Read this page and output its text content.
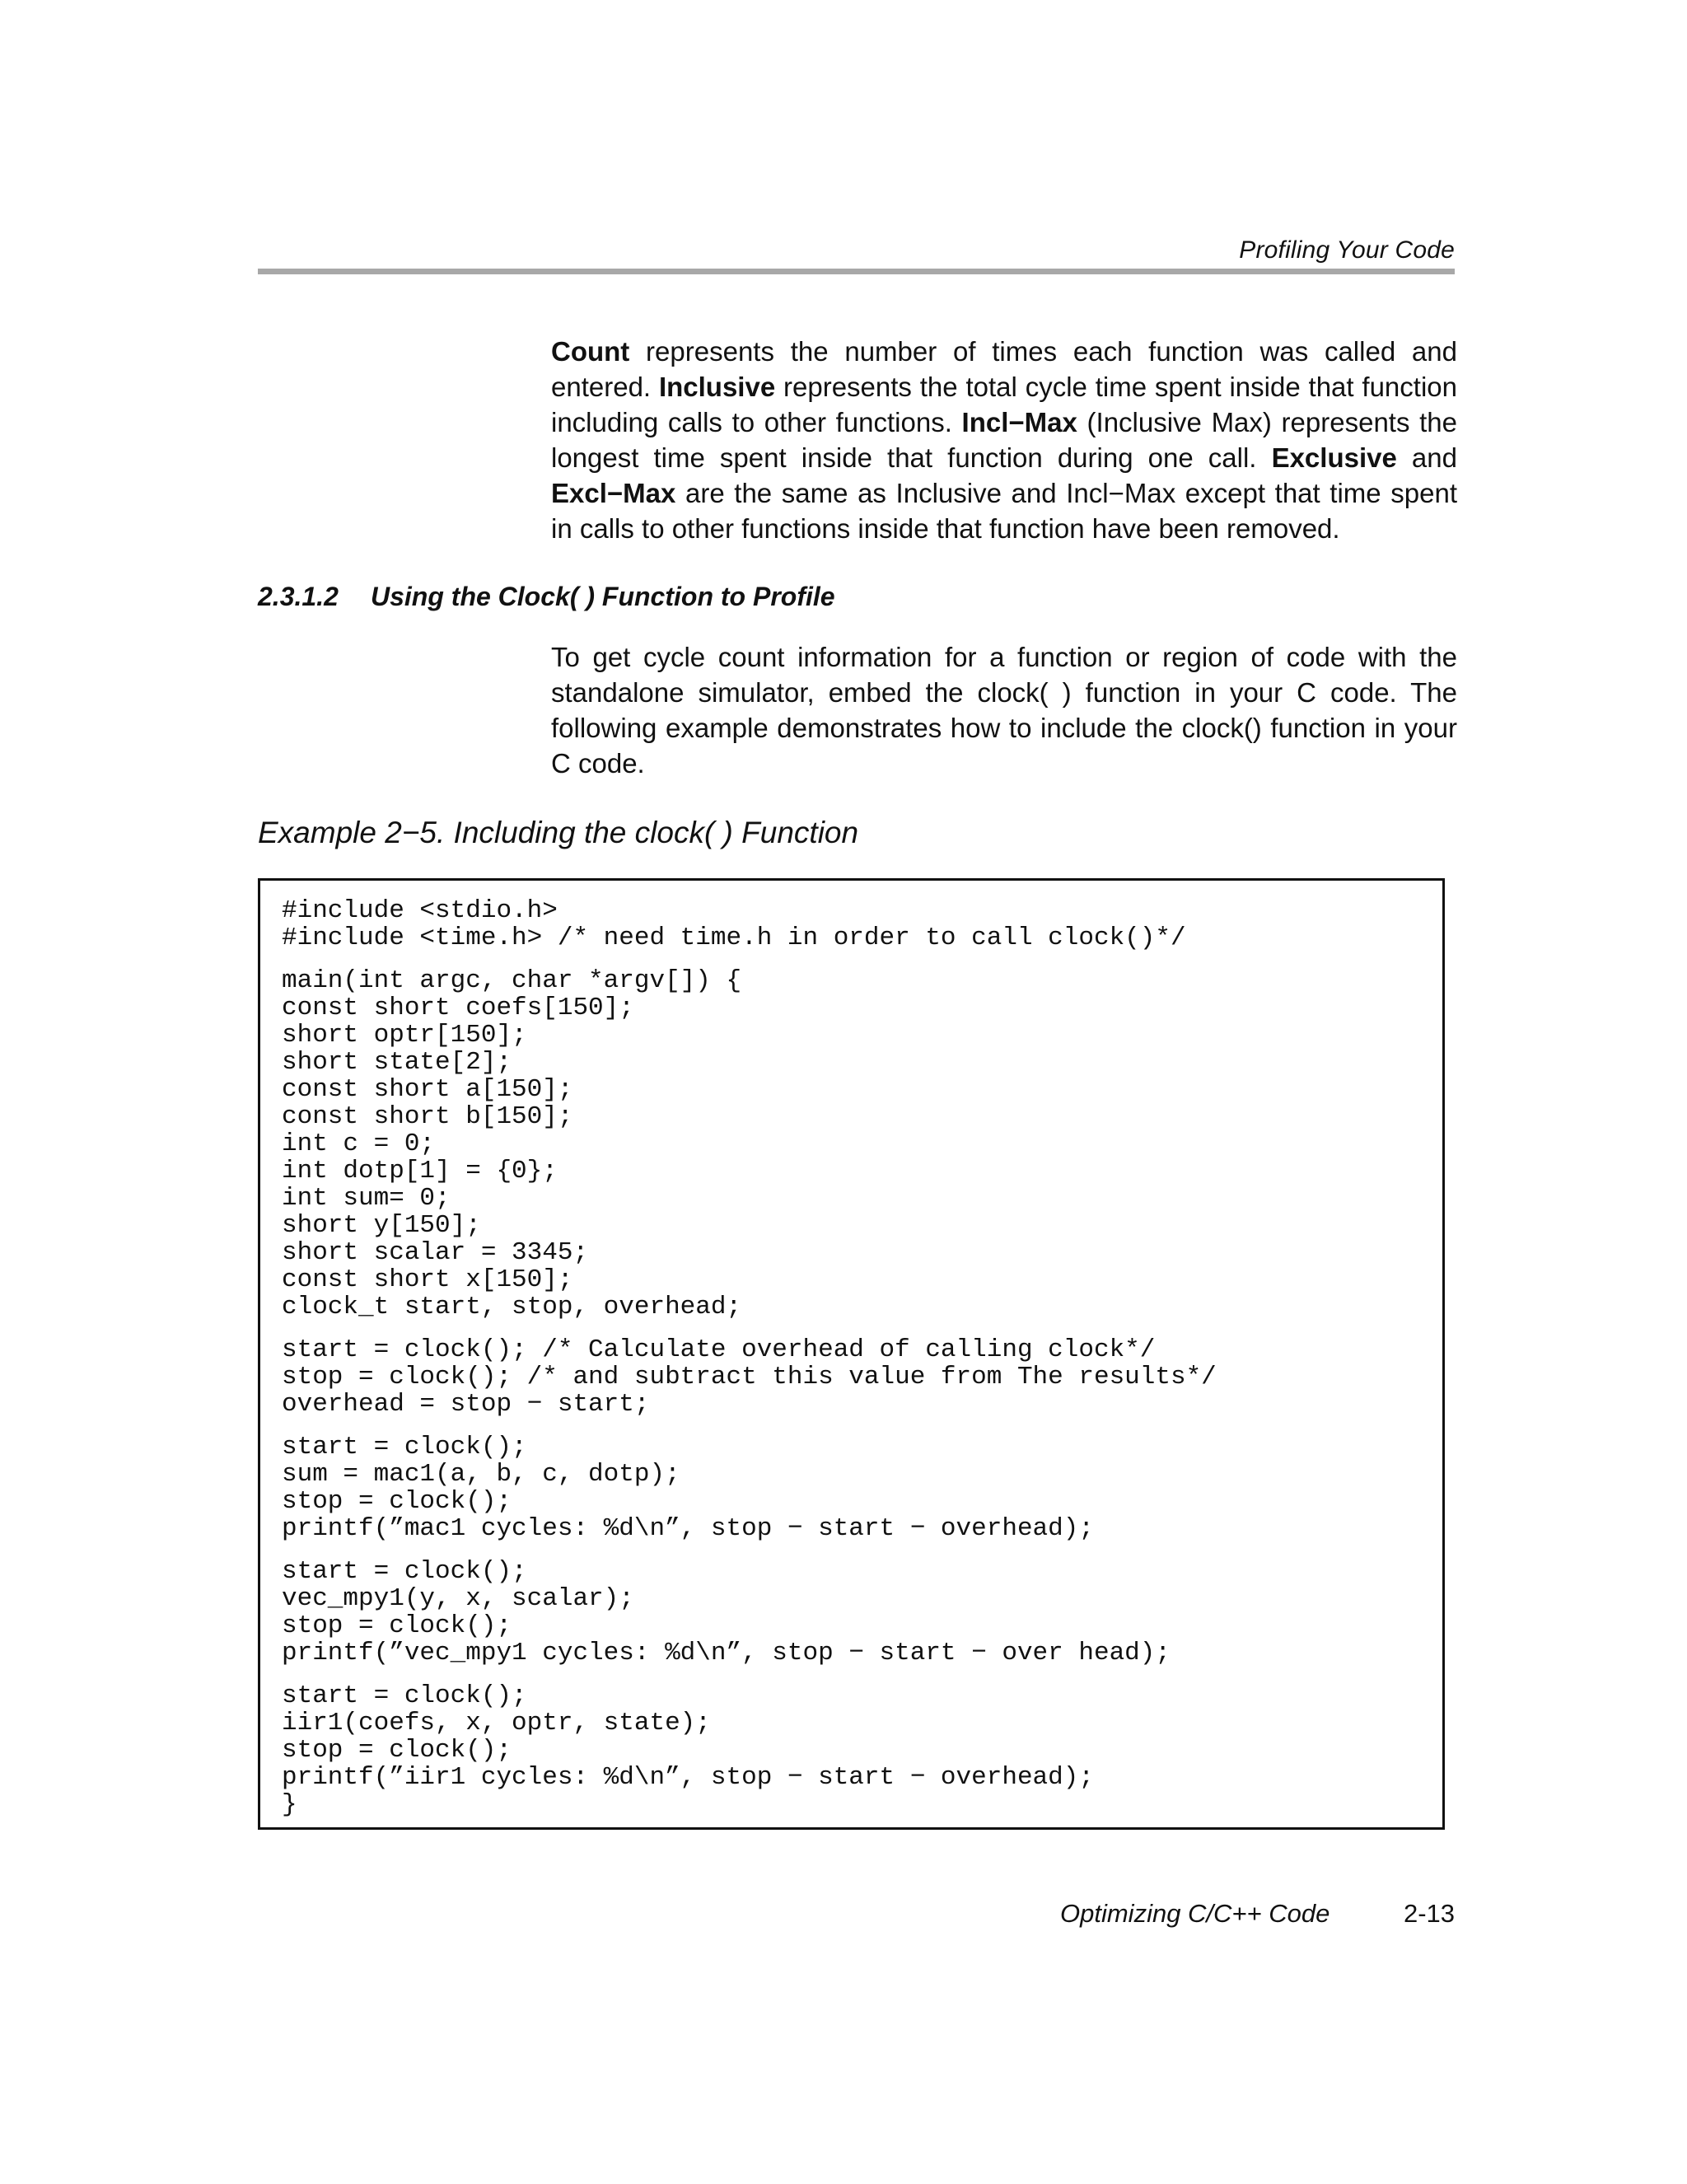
Profiling Your Code

Count represents the number of times each function was called and entered. Inclusive represents the total cycle time spent inside that function including calls to other functions. Incl−Max (Inclusive Max) represents the longest time spent inside that function during one call. Exclusive and Excl−Max are the same as Inclusive and Incl−Max except that time spent in calls to other functions inside that function have been removed.

2.3.1.2 Using the Clock( ) Function to Profile

To get cycle count information for a function or region of code with the standalone simulator, embed the clock( ) function in your C code. The following example demonstrates how to include the clock() function in your C code.

Example 2−5. Including the clock( ) Function
#include <stdio.h>
#include <time.h> /* need time.h in order to call clock()*/
main(int argc, char *argv[]) {
const short coefs[150];
short optr[150];
short state[2];
const short a[150];
const short b[150];
int c = 0;
int dotp[1] = {0};
int sum= 0;
short y[150];
short scalar = 3345;
const short x[150];
clock_t start, stop, overhead;
start = clock(); /* Calculate overhead of calling clock*/
stop = clock(); /* and subtract this value from The results*/
overhead = stop − start;
start = clock();
sum = mac1(a, b, c, dotp);
stop = clock();
printf(”mac1 cycles: %d\n”, stop − start − overhead);
start = clock();
vec_mpy1(y, x, scalar);
stop = clock();
printf(”vec_mpy1 cycles: %d\n”, stop − start − over head);
start = clock();
iir1(coefs, x, optr, state);
stop = clock();
printf(”iir1 cycles: %d\n”, stop − start − overhead);
}
Optimizing C/C++ Code	2-13
